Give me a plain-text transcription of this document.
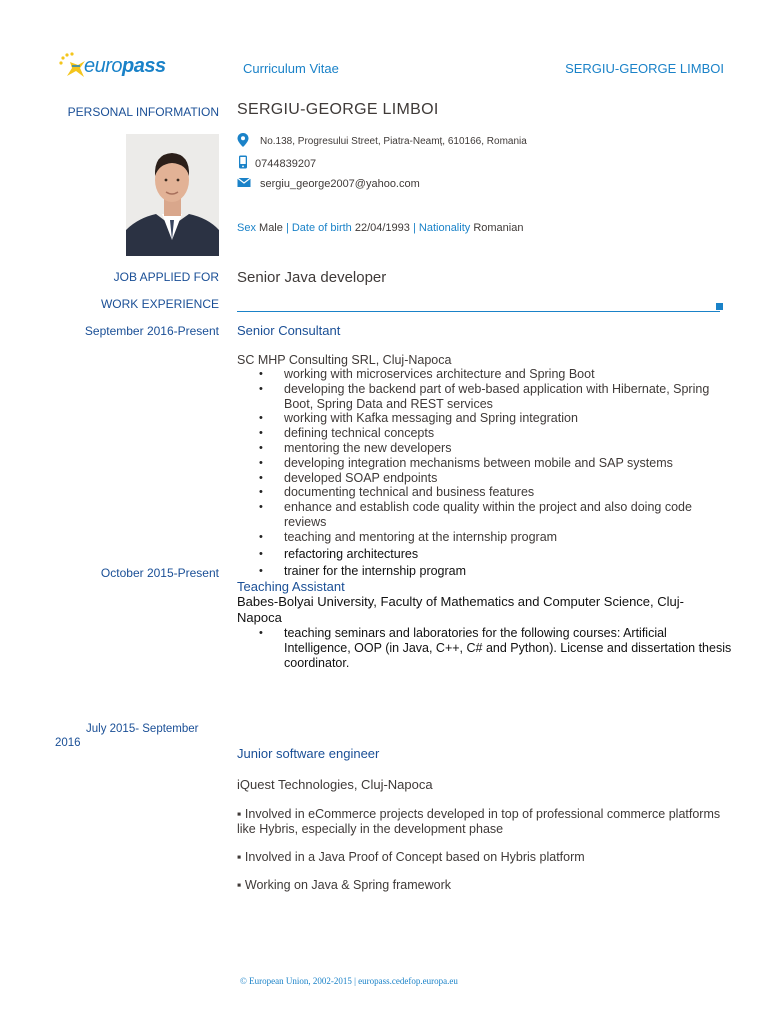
europass	Curriculum Vitae	SERGIU-GEORGE LIMBOI
PERSONAL INFORMATION SERGIU-GEORGE LIMBOI
No.138, Progresului Street, Piatra-Neamț, 610166, Romania
0744839207
sergiu_george2007@yahoo.com
Sex Male | Date of birth 22/04/1993 | Nationality Romanian
JOB APPLIED FOR Senior Java developer
WORK EXPERIENCE
September 2016-Present Senior Consultant
SC MHP Consulting SRL, Cluj-Napoca
• working with microservices architecture and Spring Boot
• developing the backend part of web-based application with Hibernate, Spring Boot, Spring Data and REST services
• working with Kafka messaging and Spring integration
• defining technical concepts
• mentoring the new developers
• developing integration mechanisms between mobile and SAP systems
• developed SOAP endpoints
• documenting technical and business features
• enhance and establish code quality within the project and also doing code reviews
• teaching and mentoring at the internship program
• refactoring architectures
• trainer for the internship program
October 2015-Present
Teaching Assistant
Babes-Bolyai University, Faculty of Mathematics and Computer Science, Cluj-Napoca
• teaching seminars and laboratories for the following courses: Artificial Intelligence, OOP (in Java, C++, C# and Python). License and dissertation thesis coordinator.
July 2015- September
2016
Junior software engineer
iQuest Technologies, Cluj-Napoca
▪ Involved in eCommerce projects developed in top of professional commerce platforms like Hybris, especially in the development phase
▪ Involved in a Java Proof of Concept based on Hybris platform
▪ Working on Java & Spring framework
© European Union, 2002-2015 | europass.cedefop.europa.eu
